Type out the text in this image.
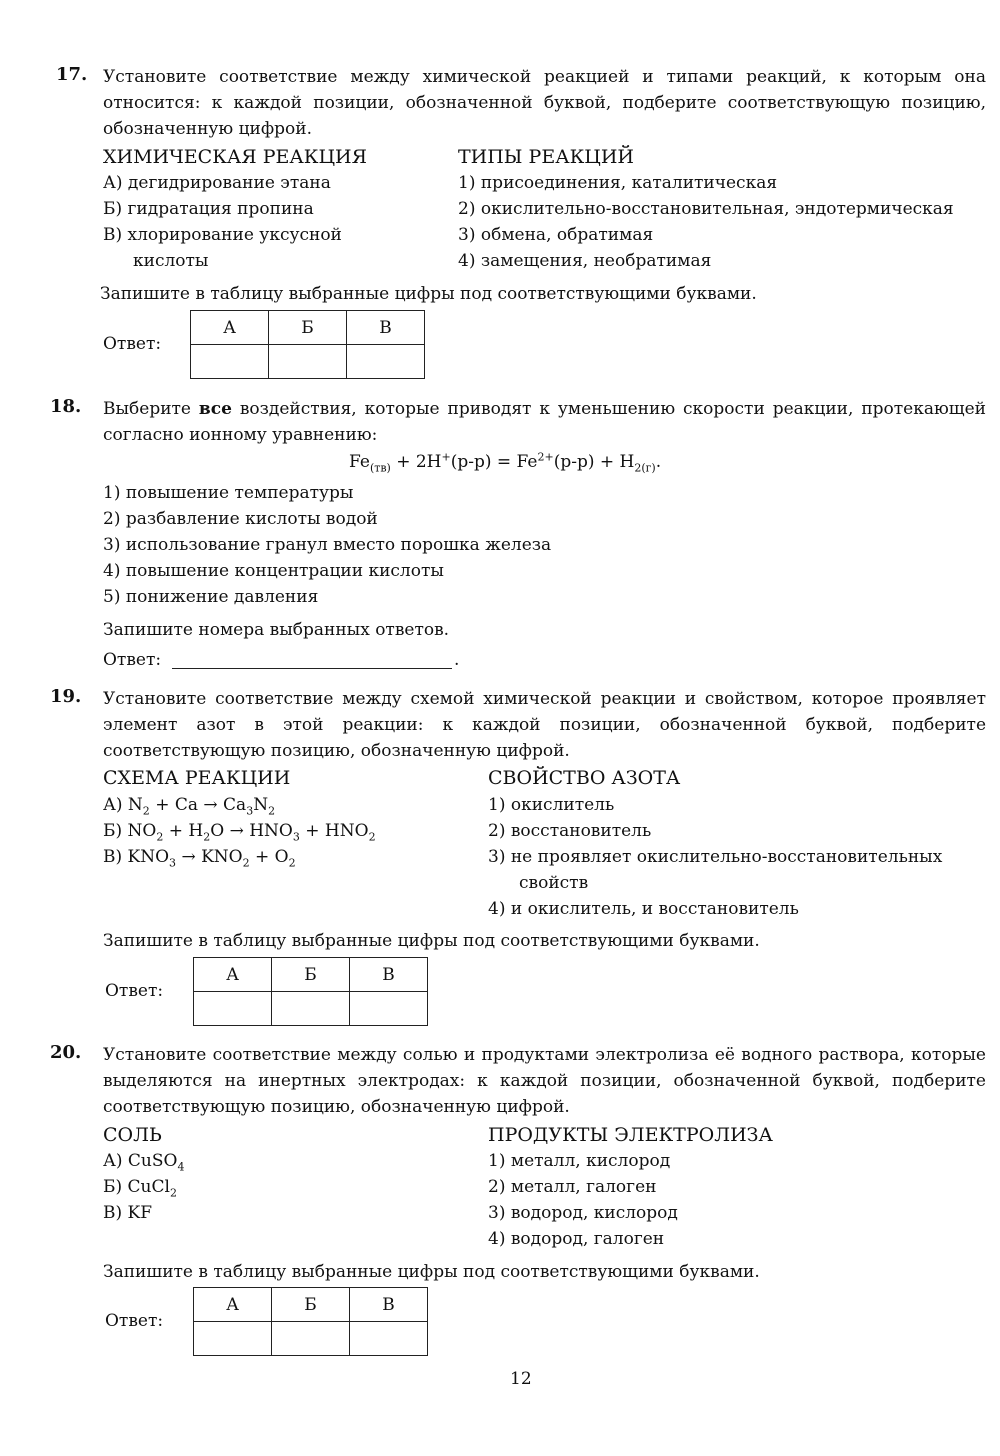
17. Установите соответствие между химической реакцией и типами реакций, к которым она относится: к каждой позиции, обозначенной буквой, подберите соответствующую позицию, обозначенную цифрой.
ХИМИЧЕСКАЯ РЕАКЦИЯ	ТИПЫ РЕАКЦИЙ
А) дегидрирование этана
Б) гидратация пропина
В) хлорирование уксусной
кислоты
1) присоединения, каталитическая
2) окислительно-восстановительная, эндотермическая
3) обмена, обратимая
4) замещения, необратимая
Запишите в таблицу выбранные цифры под соответствующими буквами.
Ответ:
А	Б	В

18. Выберите все воздействия, которые приводят к уменьшению скорости реакции, протекающей согласно ионному уравнению:
$Fe_{(тв)} + 2H^+(р-р) = Fe^{2+}(р-р) + H_{2(г)}$.
1) повышение температуры
2) разбавление кислоты водой
3) использование гранул вместо порошка железа
4) повышение концентрации кислоты
5) понижение давления
Запишите номера выбранных ответов.
Ответ:	.
19. Установите соответствие между схемой химической реакции и свойством, которое проявляет элемент азот в этой реакции: к каждой позиции, обозначенной буквой, подберите соответствующую позицию, обозначенную цифрой.
СХЕМА РЕАКЦИИ	СВОЙСТВО АЗОТА
А) $N_2 + Ca \to Ca_3N_2$
Б) $NO_2 + H_2O \to HNO_3 + HNO_2$
В) $KNO_3 \to KNO_2 + O_2$
1) окислитель
2) восстановитель
3) не проявляет окислительно-восстановительных
свойств
4) и окислитель, и восстановитель
Запишите в таблицу выбранные цифры под соответствующими буквами.
Ответ:
А	Б	В

20. Установите соответствие между солью и продуктами электролиза её водного раствора, которые выделяются на инертных электродах: к каждой позиции, обозначенной буквой, подберите соответствующую позицию, обозначенную цифрой.
СОЛЬ	ПРОДУКТЫ ЭЛЕКТРОЛИЗА
А) CuSO$_4$
Б) CuCl$_2$
В) KF
1) металл, кислород
2) металл, галоген
3) водород, кислород
4) водород, галоген
Запишите в таблицу выбранные цифры под соответствующими буквами.
Ответ:
А	Б	В

12
